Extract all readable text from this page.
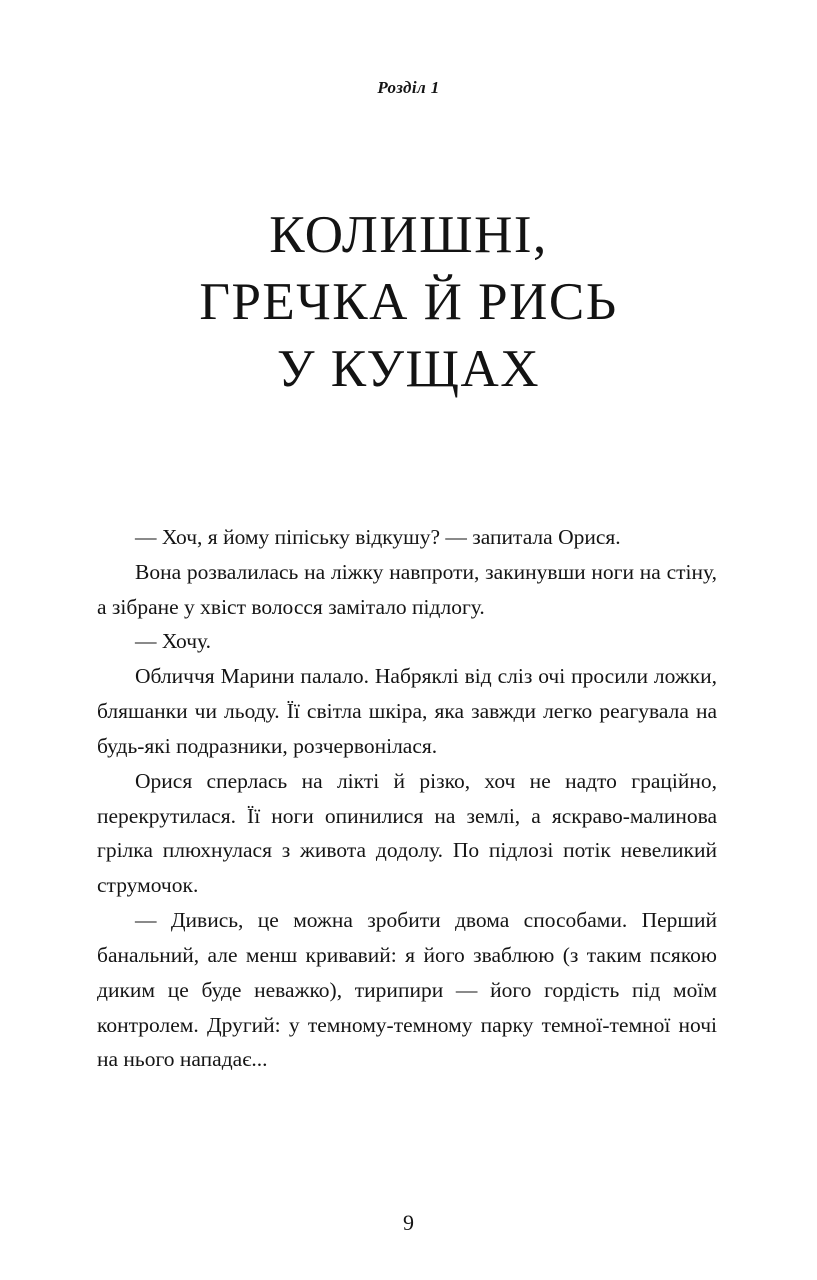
Розділ 1
КОЛИШНІ,
ГРЕЧКА Й РИСЬ
У КУЩАХ

— Хоч, я йому піпіську відкушу? — запитала Орися.

Вона розвалилась на ліжку навпроти, закинувши ноги на стіну, а зібране у хвіст волосся замітало підлогу.

— Хочу.

Обличчя Марини палало. Набряклі від сліз очі просили ложки, бляшанки чи льоду. Її світла шкіра, яка завжди легко реагувала на будь-які подразники, розчервонілася.

Орися сперлась на лікті й різко, хоч не надто граційно, перекрутилася. Її ноги опинилися на землі, а яскраво-малинова грілка плюхнулася з живота додолу. По підлозі потік невеликий струмочок.

— Дивись, це можна зробити двома способами. Перший банальний, але менш кривавий: я його зваблюю (з таким псякою диким це буде неважко), тирипири — його гордість під моїм контролем. Другий: у темному-темному парку темної-темної ночі на нього нападає...

9
